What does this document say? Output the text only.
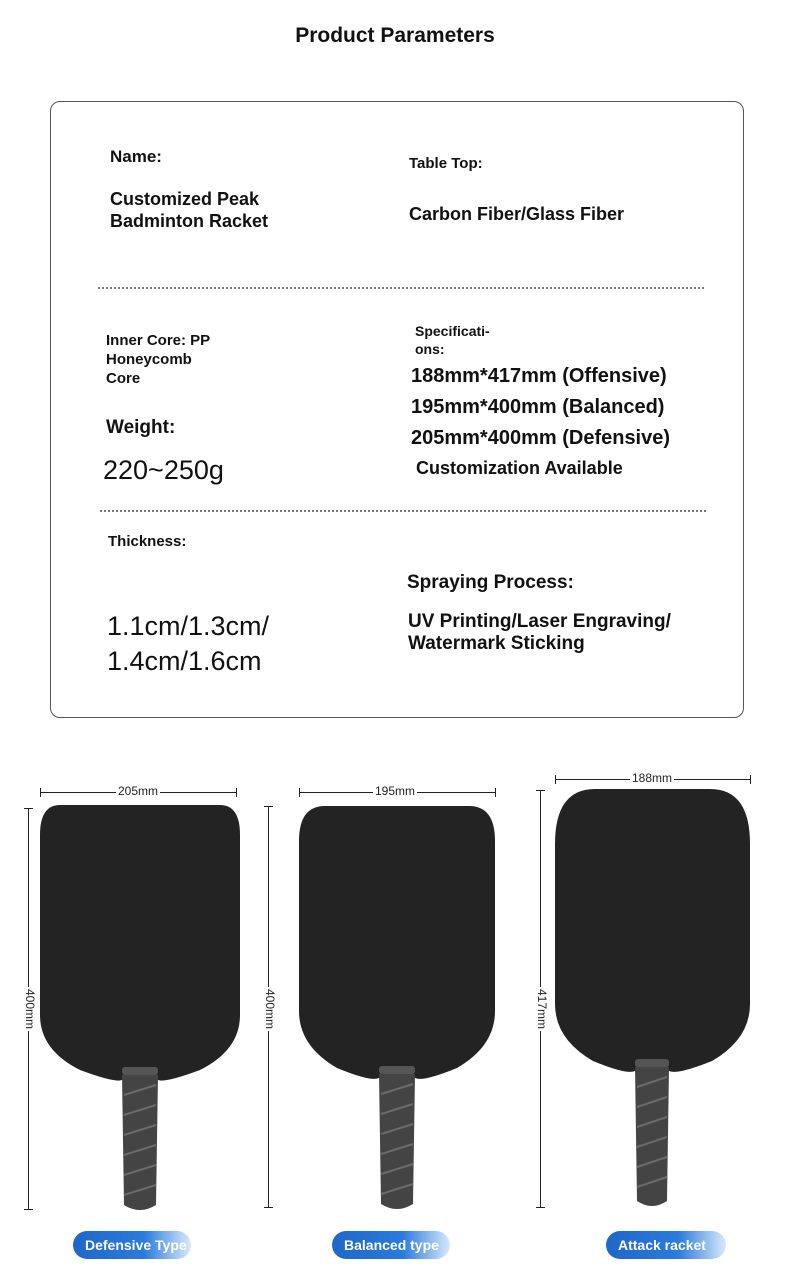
Product Parameters
Name:
Customized Peak
Badminton Racket
Table Top:
Carbon Fiber/Glass Fiber
Inner Core: PP
Honeycomb
Core
Weight:
220~250g
Specificati-
ons:
188mm*417mm (Offensive)
195mm*400mm (Balanced)
205mm*400mm (Defensive)
Customization Available
Thickness:
1.1cm/1.3cm/
1.4cm/1.6cm
Spraying Process:
UV Printing/Laser Engraving/
Watermark Sticking
205mm
400mm
Defensive Type
195mm
400mm
Balanced type
188mm
417mm
Attack racket
